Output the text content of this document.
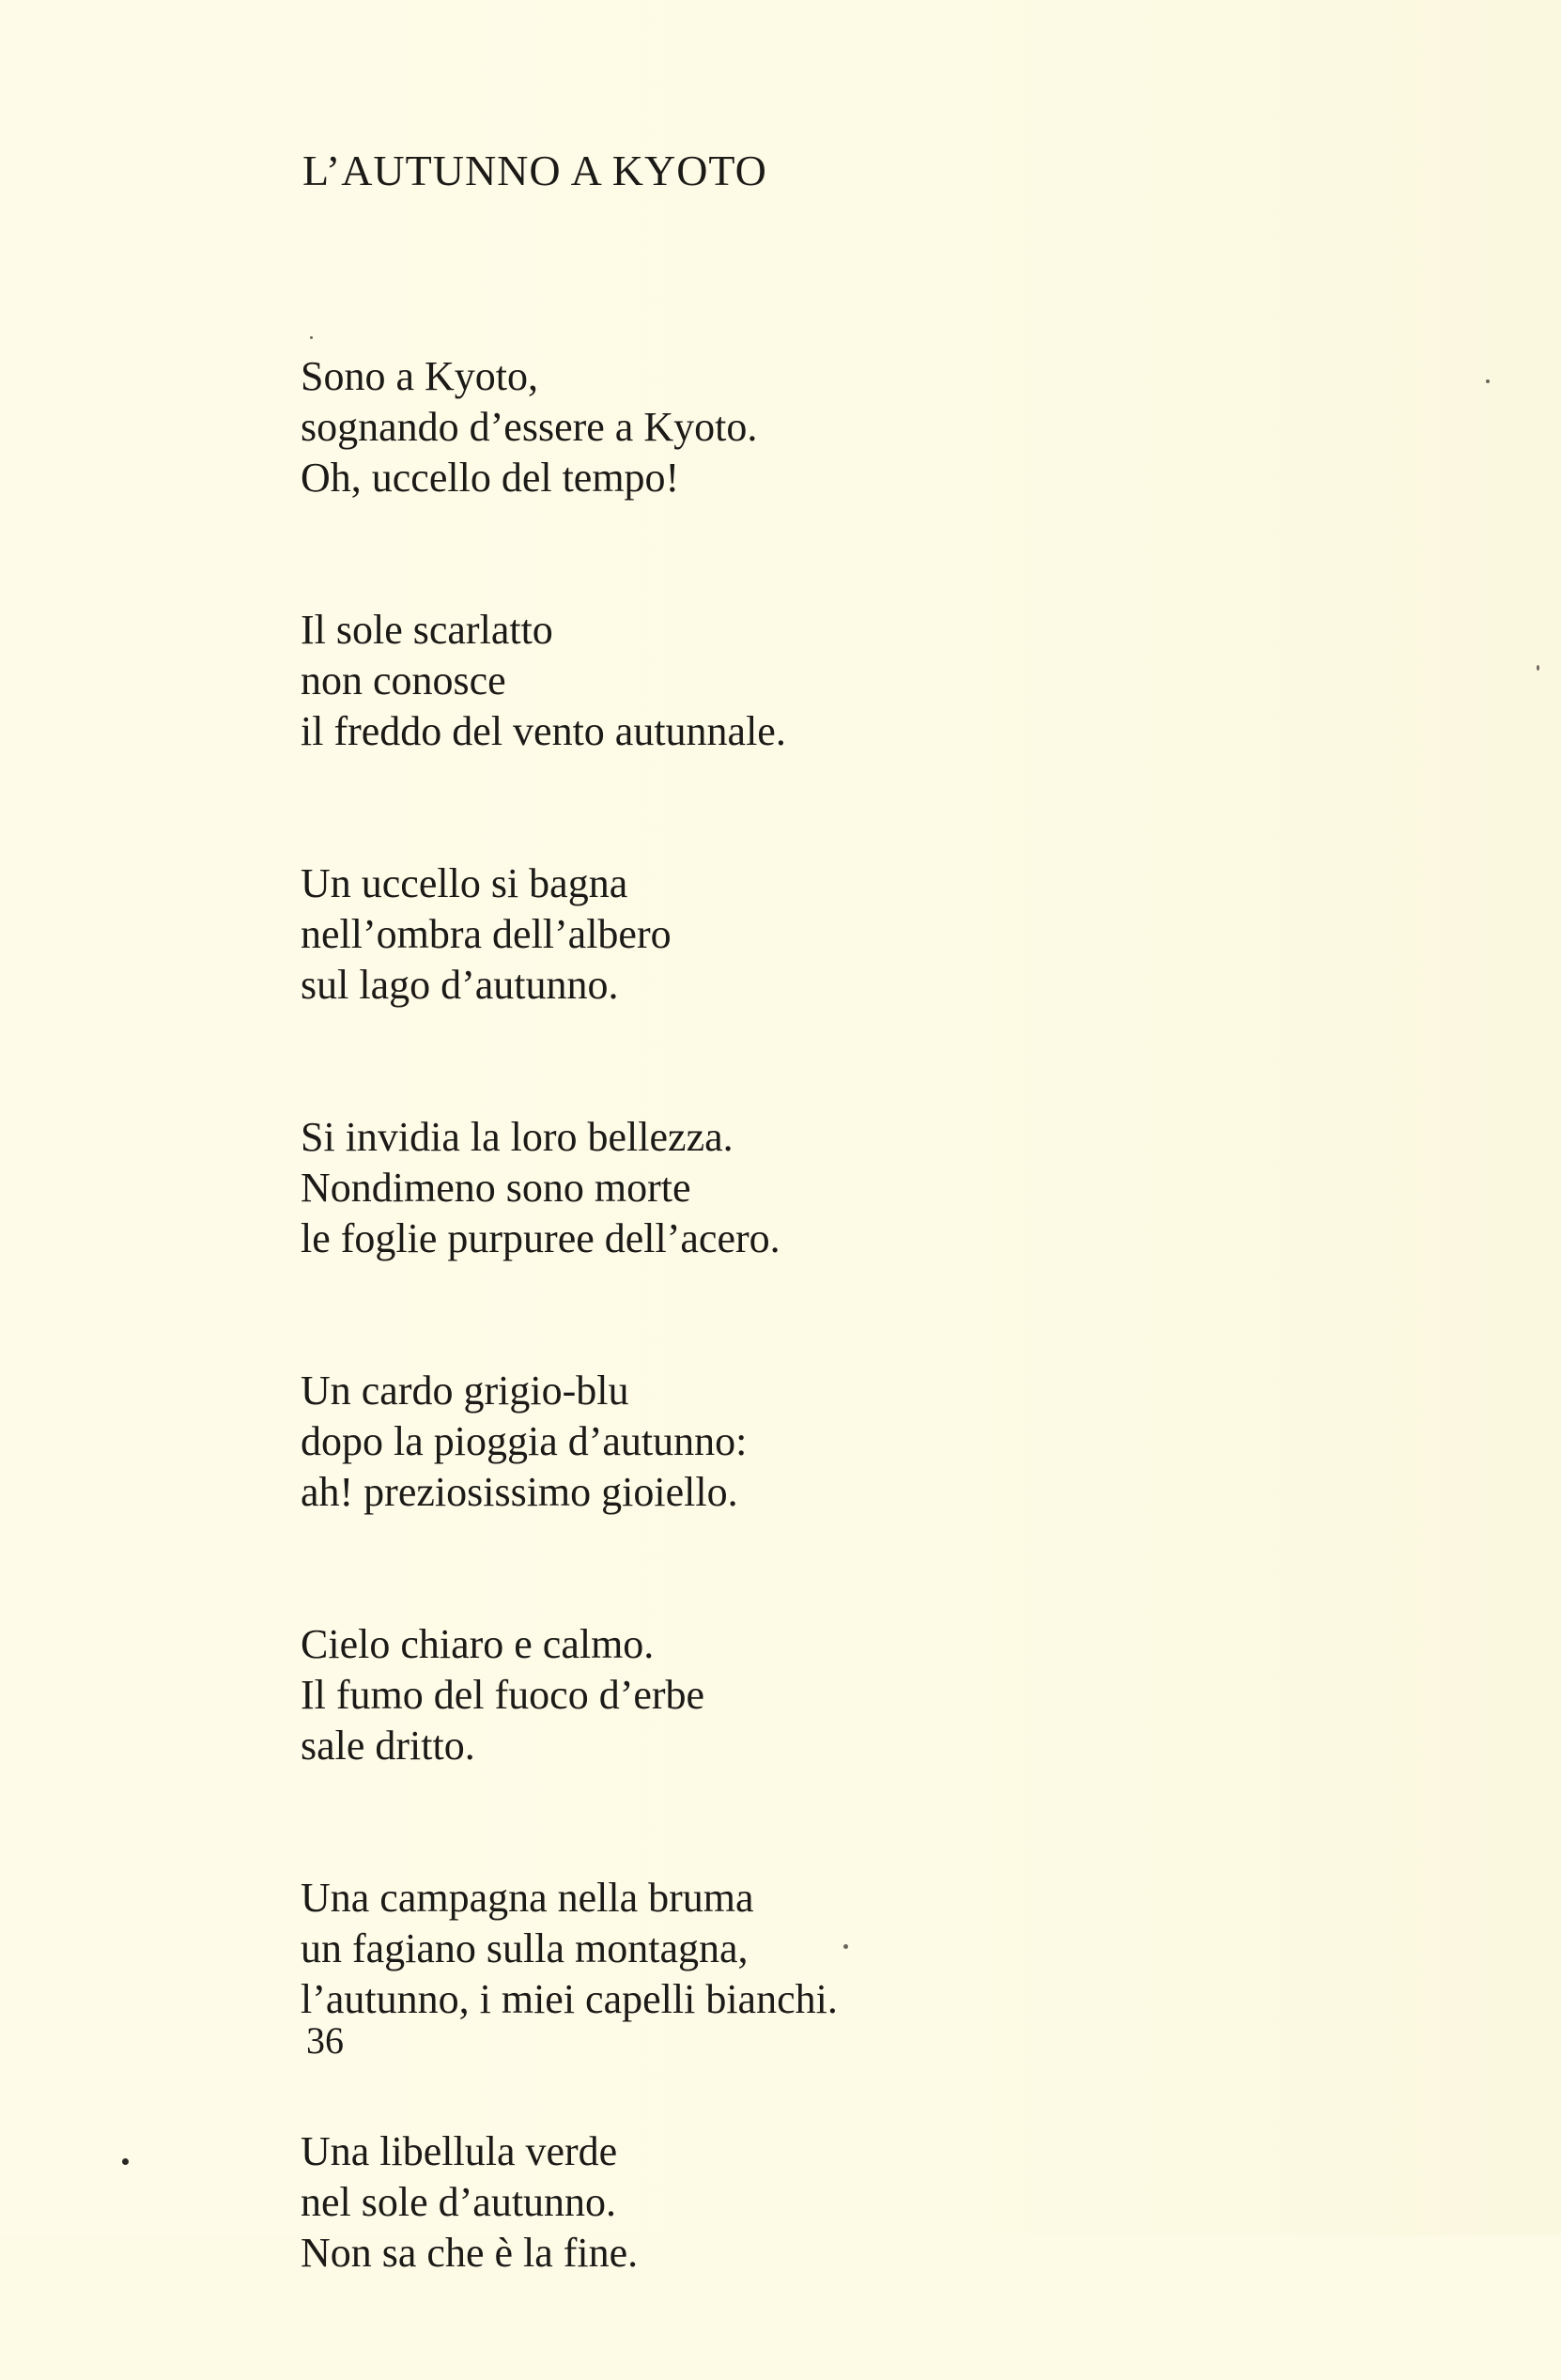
L’AUTUNNO A KYOTO
Sono a Kyoto,
sognando d’essere a Kyoto.
Oh, uccello del tempo!
Il sole scarlatto
non conosce
il freddo del vento autunnale.
Un uccello si bagna
nell’ombra dell’albero
sul lago d’autunno.
Si invidia la loro bellezza.
Nondimeno sono morte
le foglie purpuree dell’acero.
Un cardo grigio-blu
dopo la pioggia d’autunno:
ah! preziosissimo gioiello.
Cielo chiaro e calmo.
Il fumo del fuoco d’erbe
sale dritto.
Una campagna nella bruma
un fagiano sulla montagna,
l’autunno, i miei capelli bianchi.
Una libellula verde
nel sole d’autunno.
Non sa che è la fine.
36
